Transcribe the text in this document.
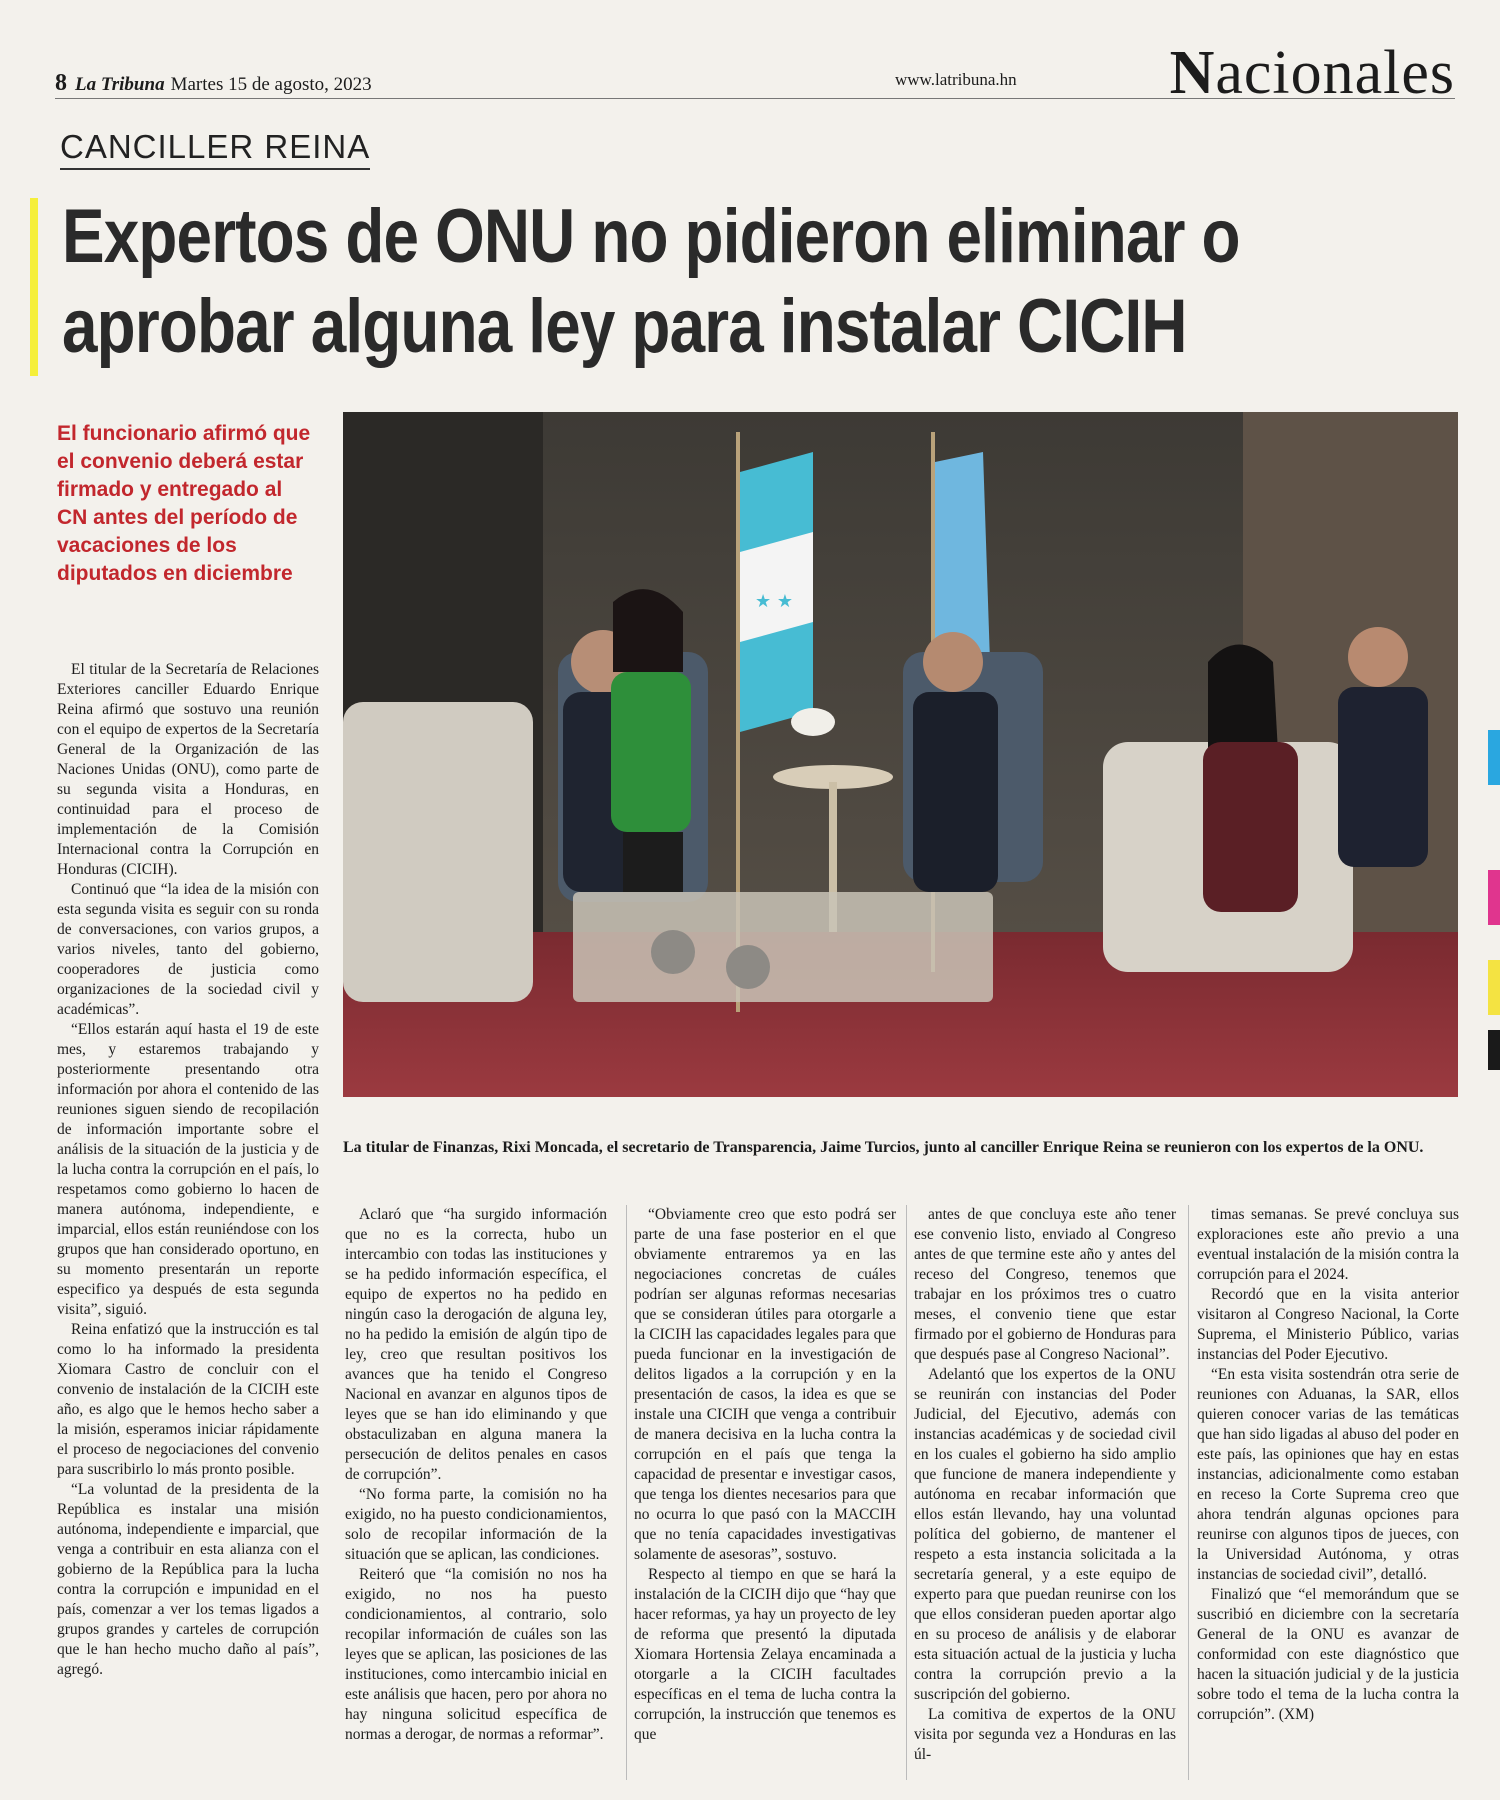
8 La Tribuna Martes 15 de agosto, 2023	www.latribuna.hn Nacionales
CANCILLER REINA
Expertos de ONU no pidieron eliminar o
aprobar alguna ley para instalar CICIH
El funcionario afirmó que el convenio deberá estar firmado y entregado al CN antes del período de vacaciones de los diputados en diciembre
★ ★
La titular de Finanzas, Rixi Moncada, el secretario de Transparencia, Jaime Turcios, junto al canciller Enrique Reina se reunieron con los expertos de la ONU.

El titular de la Secretaría de Relaciones Exteriores canciller Eduardo Enrique Reina afirmó que sostuvo una reunión con el equipo de expertos de la Secretaría General de la Organización de las Naciones Unidas (ONU), como parte de su segunda visita a Honduras, en continuidad para el proceso de implementación de la Comisión Internacional contra la Corrupción en Honduras (CICIH).

Continuó que “la idea de la misión con esta segunda visita es seguir con su ronda de conversaciones, con varios grupos, a varios niveles, tanto del gobierno, cooperadores de justicia como organizaciones de la sociedad civil y académicas”.

“Ellos estarán aquí hasta el 19 de este mes, y estaremos trabajando y posteriormente presentando otra información por ahora el contenido de las reuniones siguen siendo de recopilación de información importante sobre el análisis de la situación de la justicia y de la lucha contra la corrupción en el país, lo respetamos como gobierno lo hacen de manera autónoma, independiente, e imparcial, ellos están reuniéndose con los grupos que han considerado oportuno, en su momento presentarán un reporte especifico ya después de esta segunda visita”, siguió.

Reina enfatizó que la instrucción es tal como lo ha informado la presidenta Xiomara Castro de concluir con el convenio de instalación de la CICIH este año, es algo que le hemos hecho saber a la misión, esperamos iniciar rápidamente el proceso de negociaciones del convenio para suscribirlo lo más pronto posible.

“La voluntad de la presidenta de la República es instalar una misión autónoma, independiente e imparcial, que venga a contribuir en esta alianza con el gobierno de la República para la lucha contra la corrupción e impunidad en el país, comenzar a ver los temas ligados a grupos grandes y carteles de corrupción que le han hecho mucho daño al país”, agregó.

Aclaró que “ha surgido información que no es la correcta, hubo un intercambio con todas las instituciones y se ha pedido información específica, el equipo de expertos no ha pedido en ningún caso la derogación de alguna ley, no ha pedido la emisión de algún tipo de ley, creo que resultan positivos los avances que ha tenido el Congreso Nacional en avanzar en algunos tipos de leyes que se han ido eliminando y que obstaculizaban en alguna manera la persecución de delitos penales en casos de corrupción”.

“No forma parte, la comisión no ha exigido, no ha puesto condicionamientos, solo de recopilar información de la situación que se aplican, las condiciones.

Reiteró que “la comisión no nos ha exigido, no nos ha puesto condicionamientos, al contrario, solo recopilar información de cuáles son las leyes que se aplican, las posiciones de las instituciones, como intercambio inicial en este análisis que hacen, pero por ahora no hay ninguna solicitud específica de normas a derogar, de normas a reformar”.

“Obviamente creo que esto podrá ser parte de una fase posterior en el que obviamente entraremos ya en las negociaciones concretas de cuáles podrían ser algunas reformas necesarias que se consideran útiles para otorgarle a la CICIH las capacidades legales para que pueda funcionar en la investigación de delitos ligados a la corrupción y en la presentación de casos, la idea es que se instale una CICIH que venga a contribuir de manera decisiva en la lucha contra la corrupción en el país que tenga la capacidad de presentar e investigar casos, que tenga los dientes necesarios para que no ocurra lo que pasó con la MACCIH que no tenía capacidades investigativas solamente de asesoras”, sostuvo.

Respecto al tiempo en que se hará la instalación de la CICIH dijo que “hay que hacer reformas, ya hay un proyecto de ley de reforma que presentó la diputada Xiomara Hortensia Zelaya encaminada a otorgarle a la CICIH facultades específicas en el tema de lucha contra la corrupción, la instrucción que tenemos es que

antes de que concluya este año tener ese convenio listo, enviado al Congreso antes de que termine este año y antes del receso del Congreso, tenemos que trabajar en los próximos tres o cuatro meses, el convenio tiene que estar firmado por el gobierno de Honduras para que después pase al Congreso Nacional”.

Adelantó que los expertos de la ONU se reunirán con instancias del Poder Judicial, del Ejecutivo, además con instancias académicas y de sociedad civil en los cuales el gobierno ha sido amplio que funcione de manera independiente y autónoma en recabar información que ellos están llevando, hay una voluntad política del gobierno, de mantener el respeto a esta instancia solicitada a la secretaría general, y a este equipo de experto para que puedan reunirse con los que ellos consideran pueden aportar algo en su proceso de análisis y de elaborar esta situación actual de la justicia y lucha contra la corrupción previo a la suscripción del gobierno.

La comitiva de expertos de la ONU visita por segunda vez a Honduras en las úl-

timas semanas. Se prevé concluya sus exploraciones este año previo a una eventual instalación de la misión contra la corrupción para el 2024.

Recordó que en la visita anterior visitaron al Congreso Nacional, la Corte Suprema, el Ministerio Público, varias instancias del Poder Ejecutivo.

“En esta visita sostendrán otra serie de reuniones con Aduanas, la SAR, ellos quieren conocer varias de las temáticas que han sido ligadas al abuso del poder en este país, las opiniones que hay en estas instancias, adicionalmente como estaban en receso la Corte Suprema creo que ahora tendrán algunas opciones para reunirse con algunos tipos de jueces, con la Universidad Autónoma, y otras instancias de sociedad civil”, detalló.

Finalizó que “el memorándum que se suscribió en diciembre con la secretaría General de la ONU es avanzar de conformidad con este diagnóstico que hacen la situación judicial y de la justicia sobre todo el tema de la lucha contra la corrupción”. (XM)
